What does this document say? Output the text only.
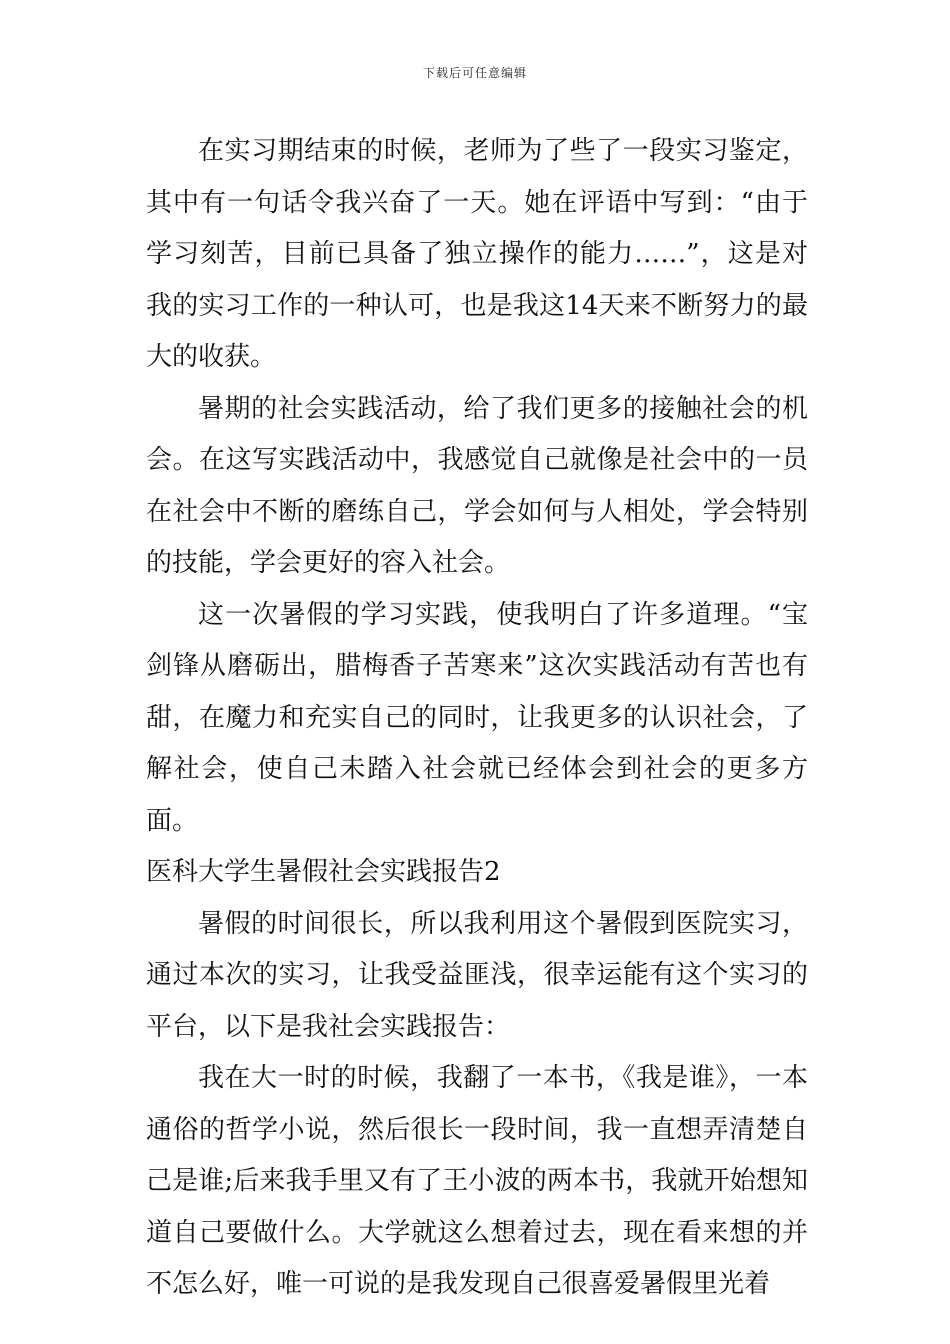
下载后可任意编辑

在实习期结束的时候，老师为了些了一段实习鉴定，其中有一句话令我兴奋了一天。她在评语中写到：“由于学习刻苦，目前已具备了独立操作的能力……”，这是对我的实习工作的一种认可，也是我这14天来不断努力的最大的收获。

暑期的社会实践活动，给了我们更多的接触社会的机会。在这写实践活动中，我感觉自己就像是社会中的一员在社会中不断的磨练自己，学会如何与人相处，学会特别的技能，学会更好的容入社会。

这一次暑假的学习实践，使我明白了许多道理。“宝剑锋从磨砺出，腊梅香子苦寒来”这次实践活动有苦也有甜，在魔力和充实自己的同时，让我更多的认识社会，了解社会，使自己未踏入社会就已经体会到社会的更多方面。

医科大学生暑假社会实践报告2

暑假的时间很长，所以我利用这个暑假到医院实习，通过本次的实习，让我受益匪浅，很幸运能有这个实习的平台，以下是我社会实践报告：

我在大一时的时候，我翻了一本书，《我是谁》，一本通俗的哲学小说，然后很长一段时间，我一直想弄清楚自己是谁;后来我手里又有了王小波的两本书，我就开始想知道自己要做什么。大学就这么想着过去，现在看来想的并不怎么好，唯一可说的是我发现自己很喜爱暑假里光着
